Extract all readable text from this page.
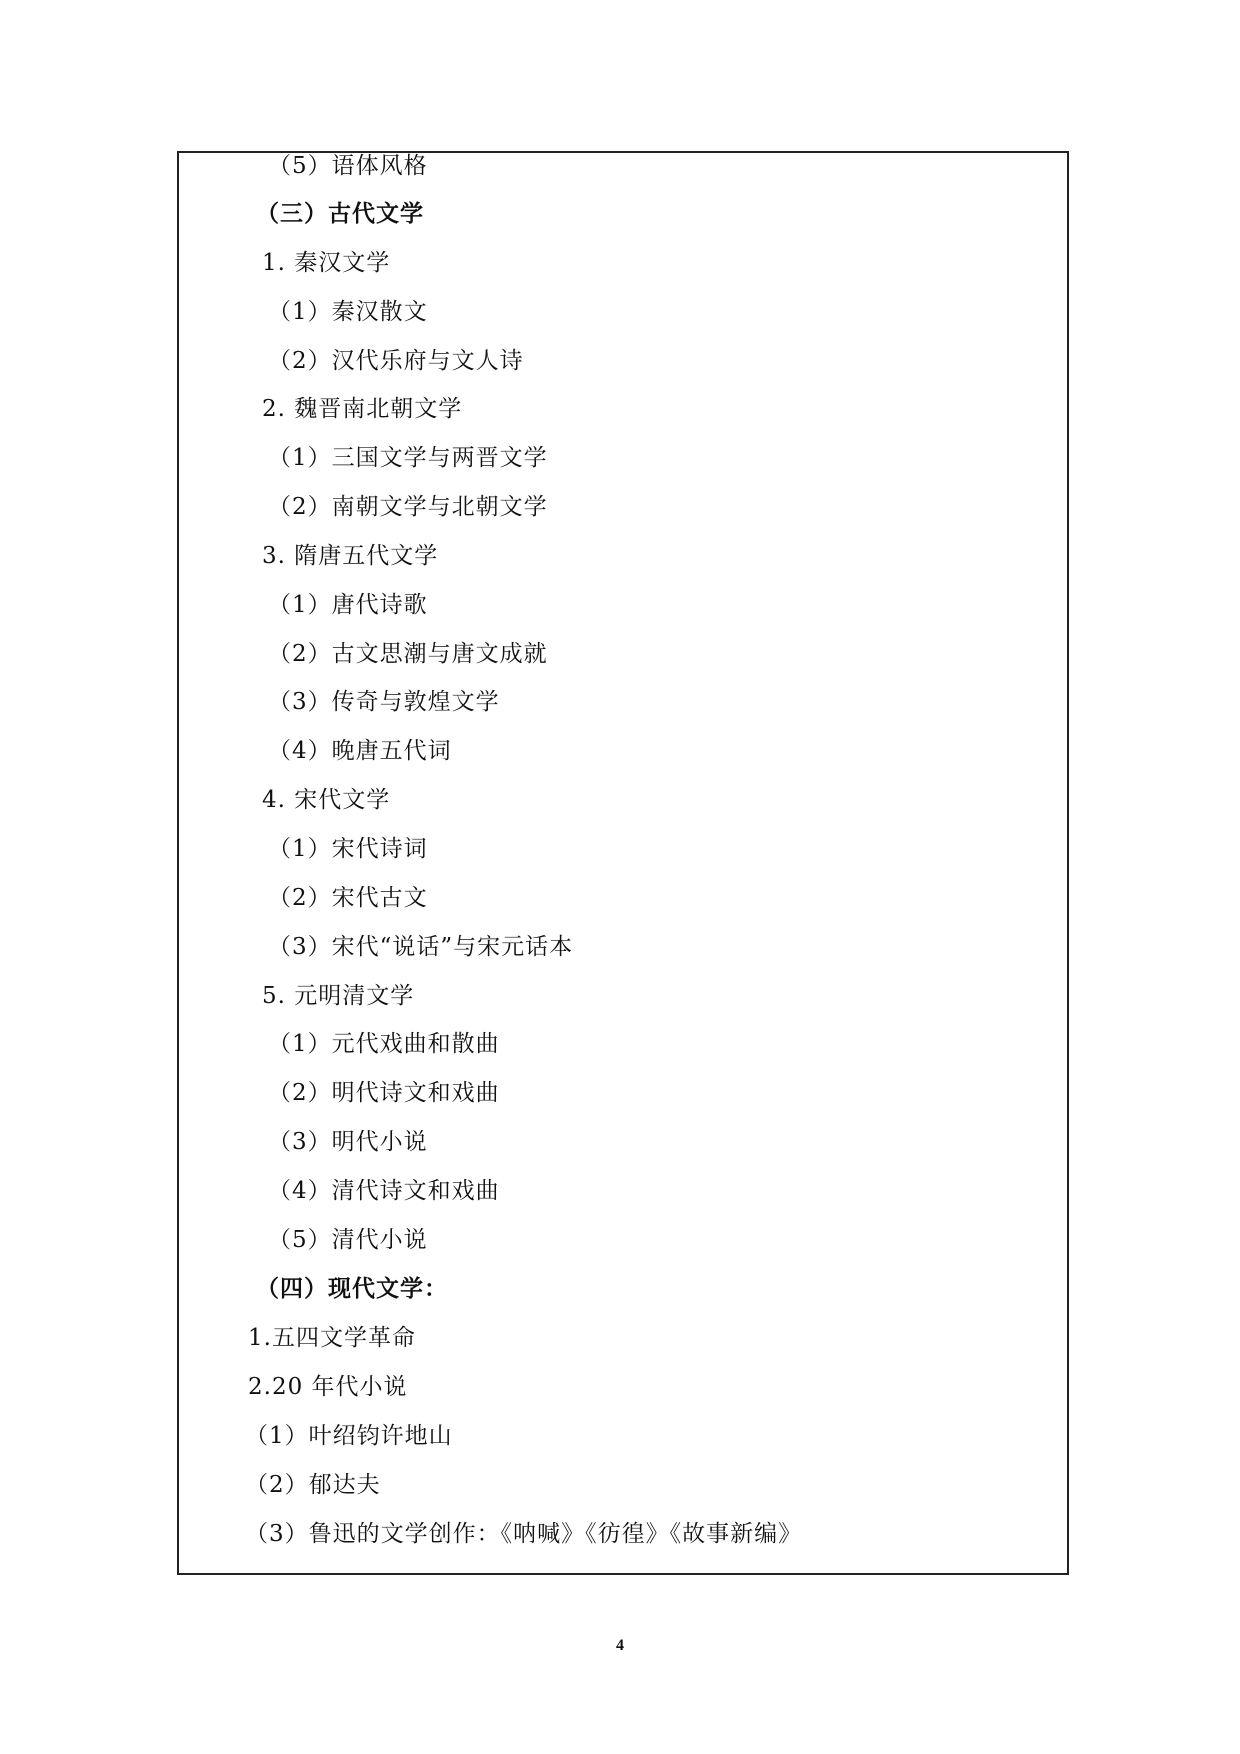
（5）语体风格
（三）古代文学
1. 秦汉文学
（1）秦汉散文
（2）汉代乐府与文人诗
2. 魏晋南北朝文学
（1）三国文学与两晋文学
（2）南朝文学与北朝文学
3. 隋唐五代文学
（1）唐代诗歌
（2）古文思潮与唐文成就
（3）传奇与敦煌文学
（4）晚唐五代词
4. 宋代文学
（1）宋代诗词
（2）宋代古文
（3）宋代“说话”与宋元话本
5. 元明清文学
（1）元代戏曲和散曲
（2）明代诗文和戏曲
（3）明代小说
（4）清代诗文和戏曲
（5）清代小说
（四）现代文学：
1.五四文学革命
2.20 年代小说
（1）叶绍钧许地山
（2）郁达夫
（3）鲁迅的文学创作：《呐喊》《彷徨》《故事新编》
4
